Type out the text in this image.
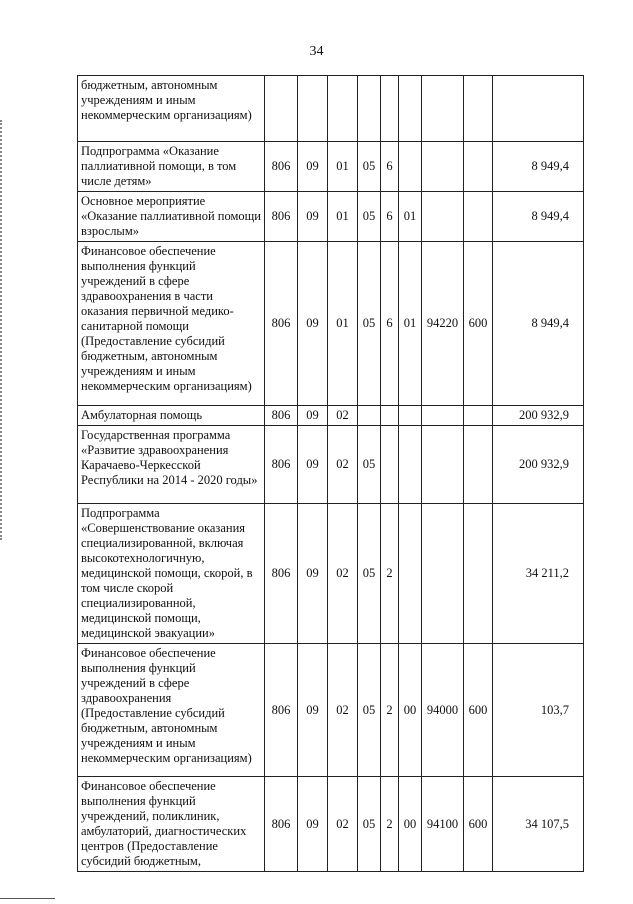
34
бюджетным, автономным учреждениям и иным некоммерческим организациям)									
Подпрограмма «Оказание паллиативной помощи, в том числе детям»	806	09	01	05	6				8 949,4
Основное мероприятие «Оказание паллиативной помощи взрослым»	806	09	01	05	6	01			8 949,4
Финансовое обеспечение выполнения функций учреждений в сфере здравоохранения в части оказания первичной медико-санитарной помощи (Предоставление субсидий бюджетным, автономным учреждениям и иным некоммерческим организациям)	806	09	01	05	6	01	94220	600	8 949,4
Амбулаторная помощь	806	09	02						200 932,9
Государственная программа «Развитие здравоохранения Карачаево-Черкесской Республики на 2014 - 2020 годы»	806	09	02	05					200 932,9
Подпрограмма «Совершенствование оказания специализированной, включая высокотехнологичную, медицинской помощи, скорой, в том числе скорой специализированной, медицинской помощи, медицинской эвакуации»	806	09	02	05	2				34 211,2
Финансовое обеспечение выполнения функций учреждений в сфере здравоохранения (Предоставление субсидий бюджетным, автономным учреждениям и иным некоммерческим организациям)	806	09	02	05	2	00	94000	600	103,7
Финансовое обеспечение выполнения функций учреждений, поликлиник, амбулаторий, диагностических центров (Предоставление субсидий бюджетным,	806	09	02	05	2	00	94100	600	34 107,5
